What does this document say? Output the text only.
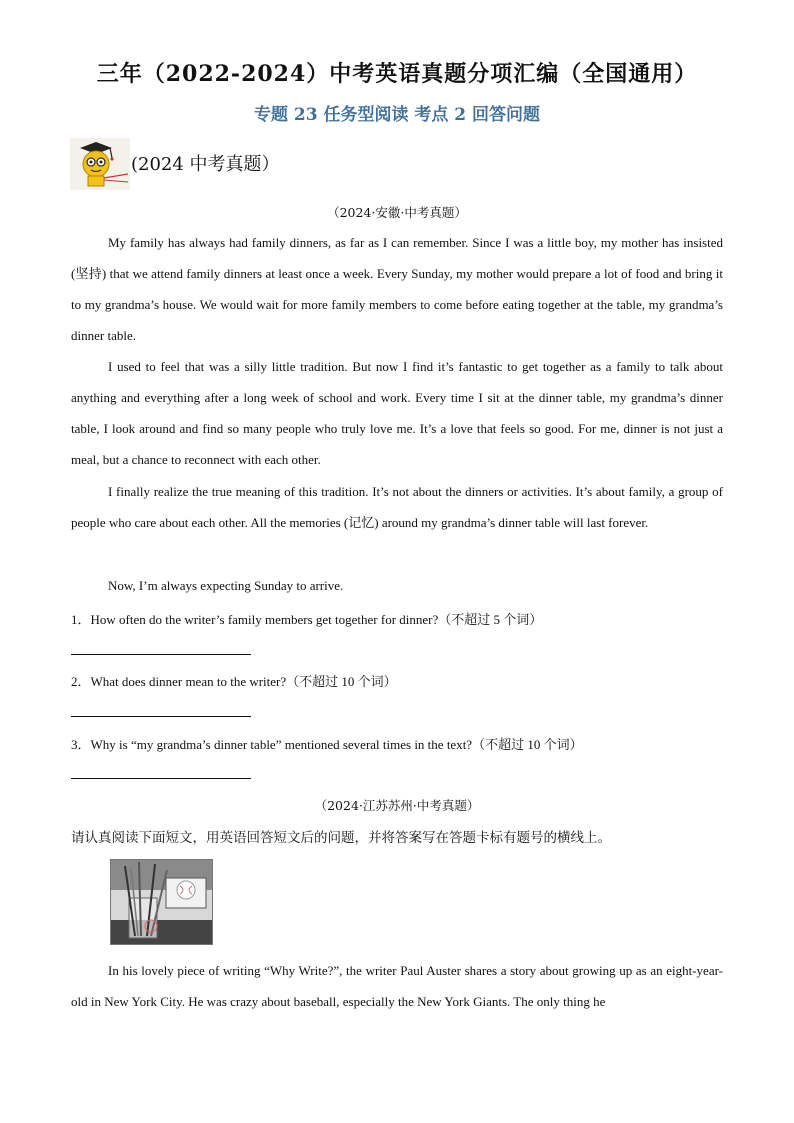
三年（2022-2024）中考英语真题分项汇编（全国通用）
专题 23 任务型阅读 考点 2 回答问题
(2024 中考真题）
（2024·安徽·中考真题）
My family has always had family dinners, as far as I can remember. Since I was a little boy, my mother has insisted (坚持) that we attend family dinners at least once a week. Every Sunday, my mother would prepare a lot of food and bring it to my grandma’s house. We would wait for more family members to come before eating together at the table, my grandma’s dinner table.
I used to feel that was a silly little tradition. But now I find it’s fantastic to get together as a family to talk about anything and everything after a long week of school and work. Every time I sit at the dinner table, my grandma’s dinner table, I look around and find so many people who truly love me. It’s a love that feels so good. For me, dinner is not just a meal, but a chance to reconnect with each other.
I finally realize the true meaning of this tradition. It’s not about the dinners or activities. It’s about family, a group of people who care about each other. All the memories (记忆) around my grandma’s dinner table will last forever.
Now, I’m always expecting Sunday to arrive.
1．How often do the writer’s family members get together for dinner?（不超过 5 个词）
2．What does dinner mean to the writer?（不超过 10 个词）
3．Why is “my grandma’s dinner table” mentioned several times in the text?（不超过 10 个词）
（2024·江苏苏州·中考真题）
请认真阅读下面短文，用英语回答短文后的问题，并将答案写在答题卡标有题号的横线上。
In his lovely piece of writing “Why Write?”, the writer Paul Auster shares a story about growing up as an eight-year-old in New York City. He was crazy about baseball, especially the New York Giants. The only thing he
